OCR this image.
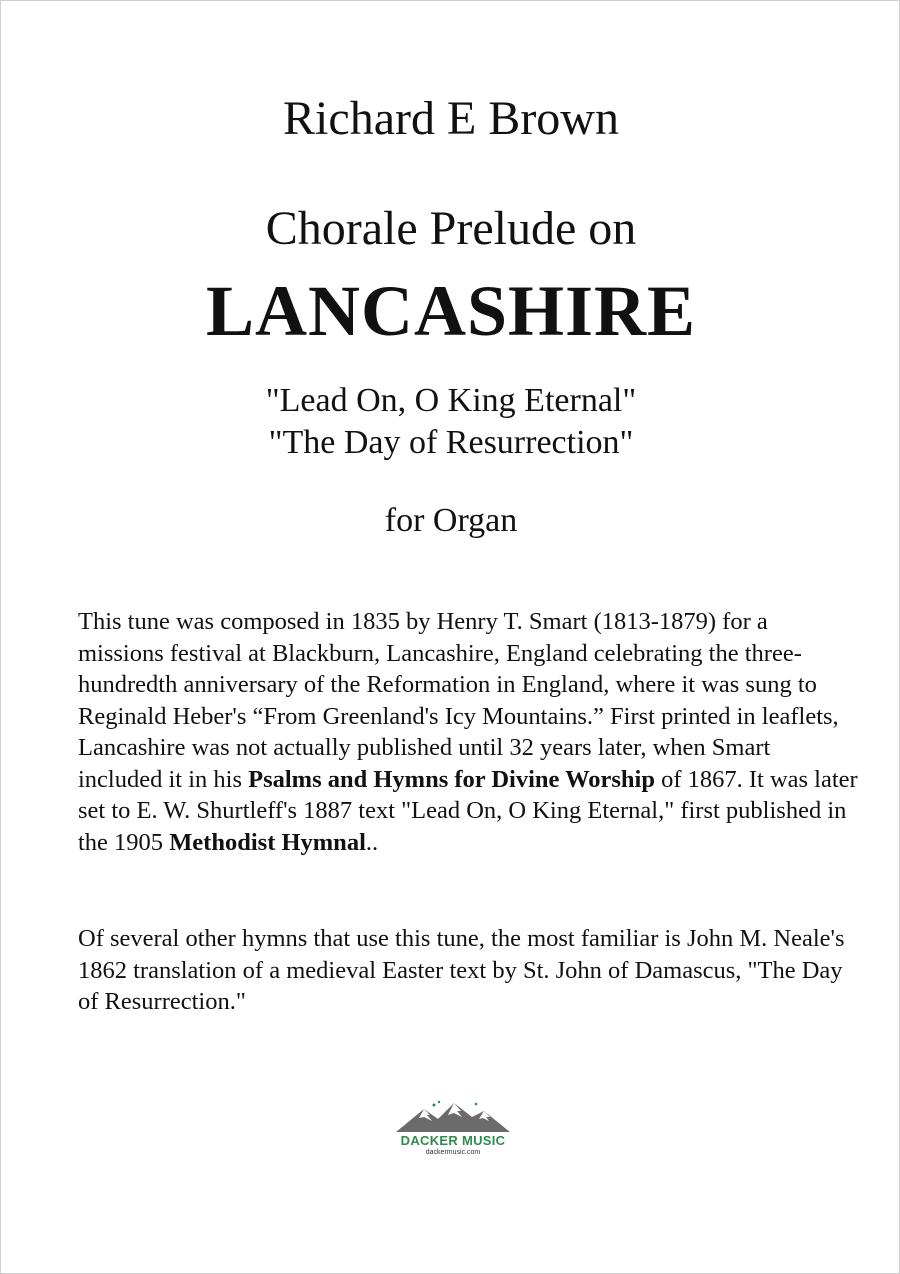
Richard E Brown
Chorale Prelude on
LANCASHIRE
"Lead On, O King Eternal"
"The Day of Resurrection"
for Organ
This tune was composed in 1835 by Henry T. Smart (1813-1879) for a missions festival at Blackburn, Lancashire, England celebrating the three-hundredth anniversary of the Reformation in England, where it was sung to Reginald Heber's “From Greenland's Icy Mountains.” First printed in leaflets, Lancashire was not actually published until 32 years later, when Smart included it in his Psalms and Hymns for Divine Worship of 1867. It was later set to E. W. Shurtleff's 1887 text "Lead On, O King Eternal," first published in the 1905 Methodist Hymnal..
Of several other hymns that use this tune, the most familiar is John M. Neale's 1862 translation of a medieval Easter text by St. John of Damascus, "The Day of Resurrection."
DACKER MUSIC
dackermusic.com
